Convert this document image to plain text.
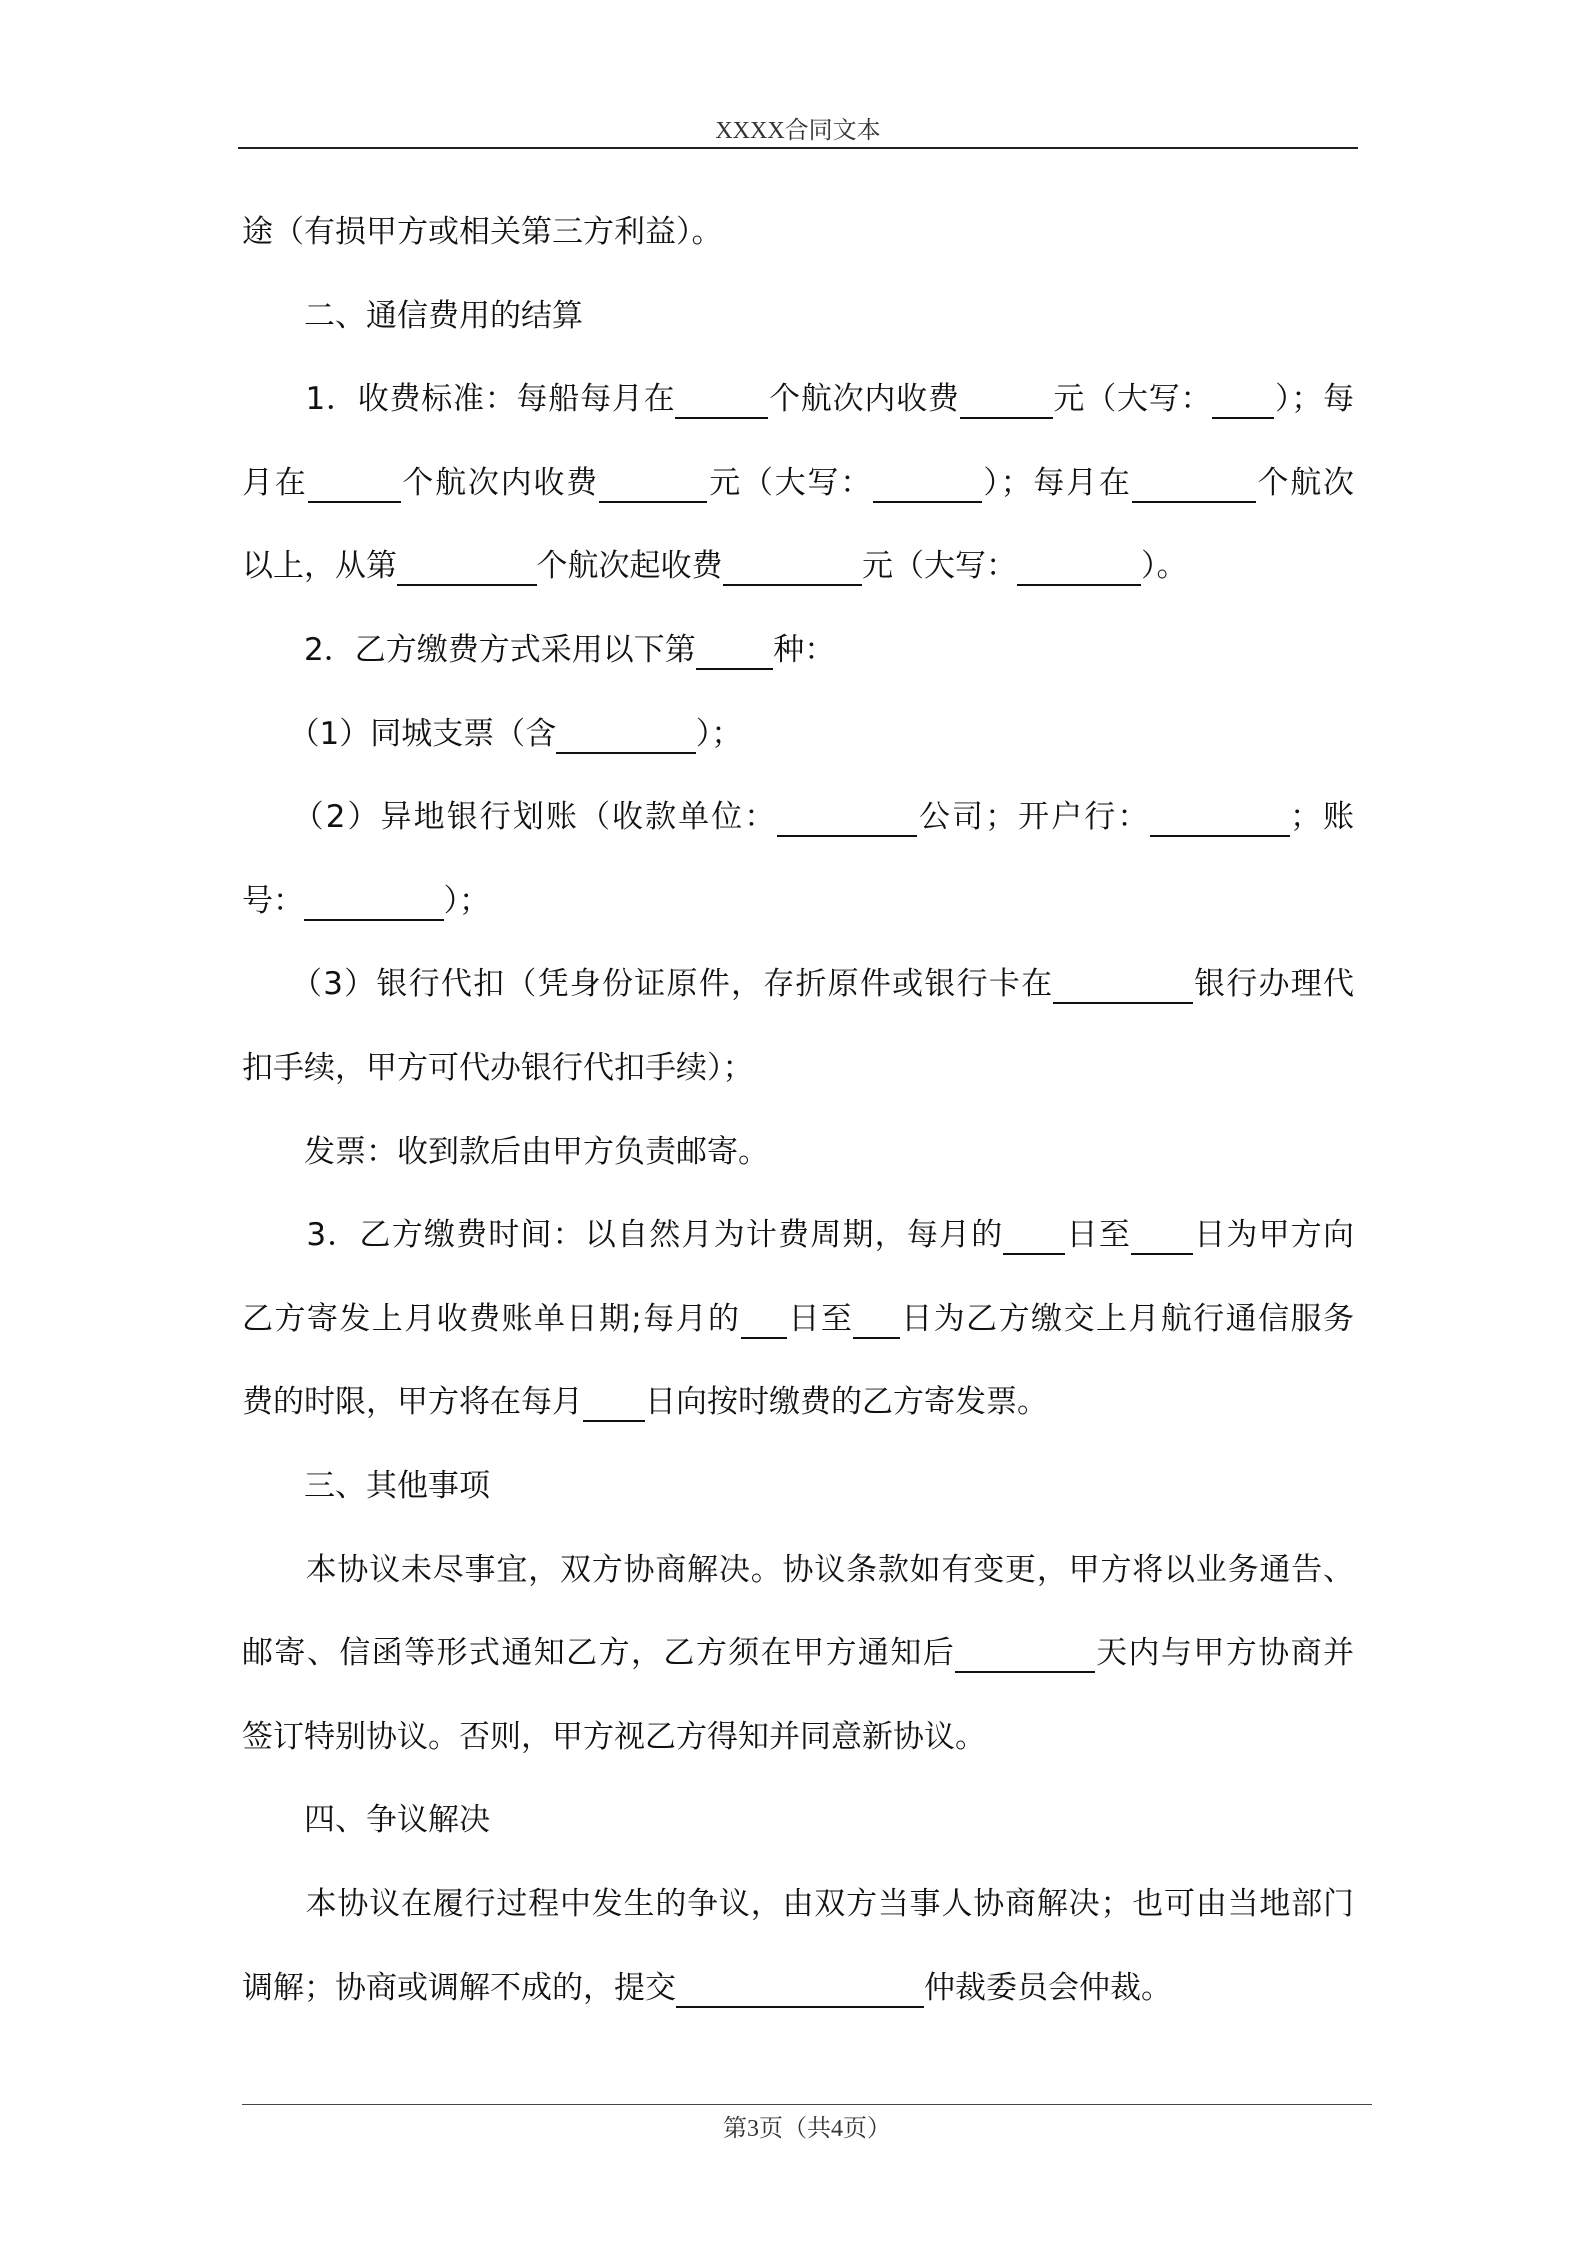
XXXX合同文本
途（有损甲方或相关第三方利益）。
　　二、通信费用的结算
　　1．收费标准：每船每月在	个航次内收费	元（大写： ）；每
月在	个航次内收费	元（大写：	）；每月在	个航次
以上，从第	个航次起收费	元（大写：	）。
　　2．乙方缴费方式采用以下第	种：
　　（1）同城支票（含	）；
　　（2）异地银行划账（收款单位：	公司；开户行：	；账
号：	）；
　　（3）银行代扣（凭身份证原件，存折原件或银行卡在	银行办理代
扣手续，甲方可代办银行代扣手续）；
　　发票：收到款后由甲方负责邮寄。
　　3．乙方缴费时间：以自然月为计费周期，每月的 日至 日为甲方向
乙方寄发上月收费账单日期;每月的 日至 日为乙方缴交上月航行通信服务
费的时限，甲方将在每月 日向按时缴费的乙方寄发票。
　　三、其他事项
　　本协议未尽事宜，双方协商解决。协议条款如有变更，甲方将以业务通告、
邮寄、信函等形式通知乙方，乙方须在甲方通知后	天内与甲方协商并
签订特别协议。否则，甲方视乙方得知并同意新协议。
　　四、争议解决
　　本协议在履行过程中发生的争议，由双方当事人协商解决；也可由当地部门
调解；协商或调解不成的，提交	仲裁委员会仲裁。
第3页（共4页）
